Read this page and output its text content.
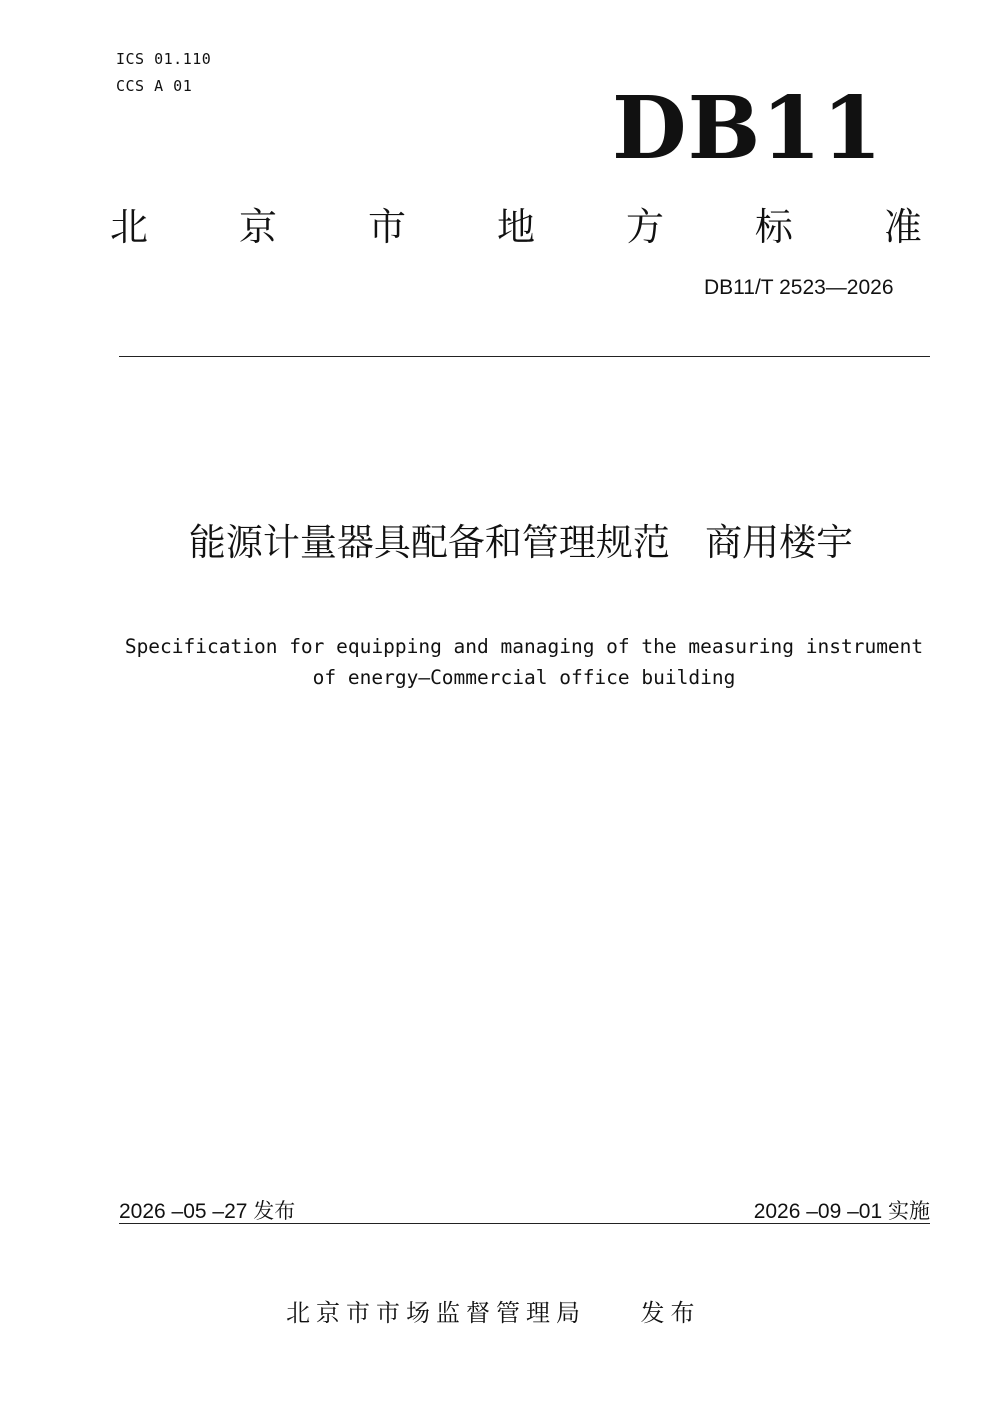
ICS 01.110
CCS A 01	DB11
北 京 市 地 方 标 准
DB11/T 2523—2026
能源计量器具配备和管理规范   商用楼宇
Specification for equipping and managing of the measuring instrument
of energy—Commercial office building
2026 –05 –27 发布	2026 –09 –01 实施
北京市市场监督管理局    发布
